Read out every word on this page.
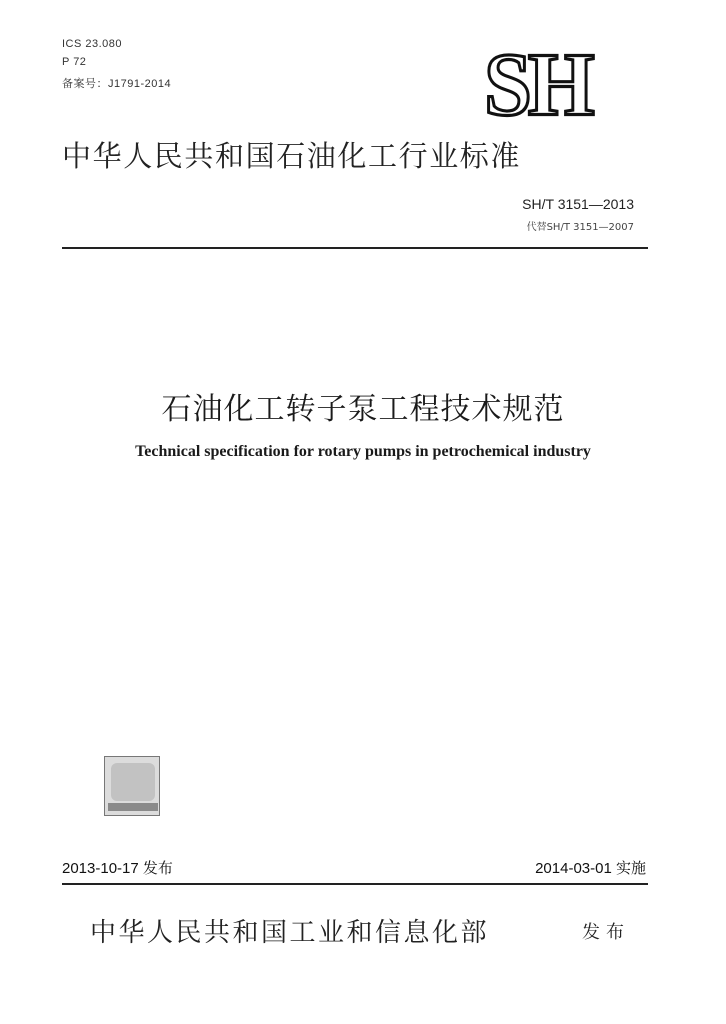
ICS 23.080
P 72
备案号：J1791-2014	SH
中华人民共和国石油化工行业标准
SH/T 3151—2013
代替SH/T 3151—2007
石油化工转子泵工程技术规范
Technical specification for rotary pumps in petrochemical industry
2013-10-17 发布	2014-03-01 实施
中华人民共和国工业和信息化部	发布
